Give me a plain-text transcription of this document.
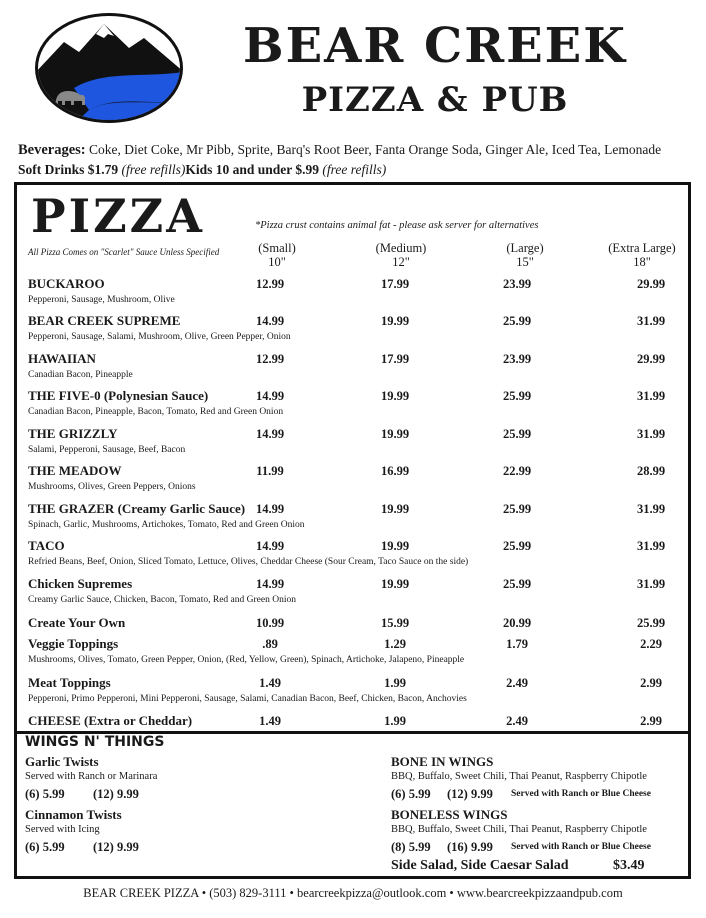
BEAR CREEK
PIZZA & PUB
Beverages: Coke, Diet Coke, Mr Pibb, Sprite, Barq's Root Beer, Fanta Orange Soda, Ginger Ale, Iced Tea, Lemonade
Soft Drinks $1.79 (free refills)Kids 10 and under $.99 (free refills)
PIZZA
All Pizza Comes on "Scarlet" Sauce Unless Specified
*Pizza crust contains animal fat - please ask server for alternatives
(Small)
10"
(Medium)
12"
(Large)
15"
(Extra Large)
18"
BUCKAROO
Pepperoni, Sausage, Mushroom, Olive
12.99	17.99	23.99	29.99
BEAR CREEK SUPREME
Pepperoni, Sausage, Salami, Mushroom, Olive, Green Pepper, Onion
14.99	19.99	25.99	31.99
HAWAIIAN
Canadian Bacon, Pineapple
12.99	17.99	23.99	29.99
THE FIVE-0 (Polynesian Sauce)
Canadian Bacon, Pineapple, Bacon, Tomato, Red and Green Onion
14.99	19.99	25.99	31.99
THE GRIZZLY
Salami, Pepperoni, Sausage, Beef, Bacon
14.99	19.99	25.99	31.99
THE MEADOW
Mushrooms, Olives, Green Peppers, Onions
11.99	16.99	22.99	28.99
THE GRAZER (Creamy Garlic Sauce)
Spinach, Garlic, Mushrooms, Artichokes, Tomato, Red and Green Onion
14.99	19.99	25.99	31.99
TACO
Refried Beans, Beef, Onion, Sliced Tomato, Lettuce, Olives, Cheddar Cheese (Sour Cream, Taco Sauce on the side)
14.99	19.99	25.99	31.99
Chicken Supremes
Creamy Garlic Sauce, Chicken, Bacon, Tomato, Red and Green Onion
14.99	19.99	25.99	31.99
Create Your Own	10.99	15.99	20.99	25.99
Veggie Toppings
Mushrooms, Olives, Tomato, Green Pepper, Onion, (Red, Yellow, Green), Spinach, Artichoke, Jalapeno, Pineapple
.89	1.29	1.79	2.29
Meat Toppings
Pepperoni, Primo Pepperoni, Mini Pepperoni, Sausage, Salami, Canadian Bacon, Beef, Chicken, Bacon, Anchovies
1.49	1.99	2.49	2.99
CHEESE (Extra or Cheddar)	1.49	1.99	2.49	2.99
WINGS N' THINGS
Garlic Twists
Served with Ranch or Marinara
(6) 5.99 (12) 9.99
Cinnamon Twists
Served with Icing
(6) 5.99 (12) 9.99
BONE IN WINGS
BBQ, Buffalo, Sweet Chili, Thai Peanut, Raspberry Chipotle
(6) 5.99 (12) 9.99 Served with Ranch or Blue Cheese
BONELESS WINGS
BBQ, Buffalo, Sweet Chili, Thai Peanut, Raspberry Chipotle
(8) 5.99 (16) 9.99 Served with Ranch or Blue Cheese
Side Salad, Side Caesar Salad	$3.49
BEAR CREEK PIZZA • (503) 829-3111 • bearcreekpizza@outlook.com • www.bearcreekpizzaandpub.com
